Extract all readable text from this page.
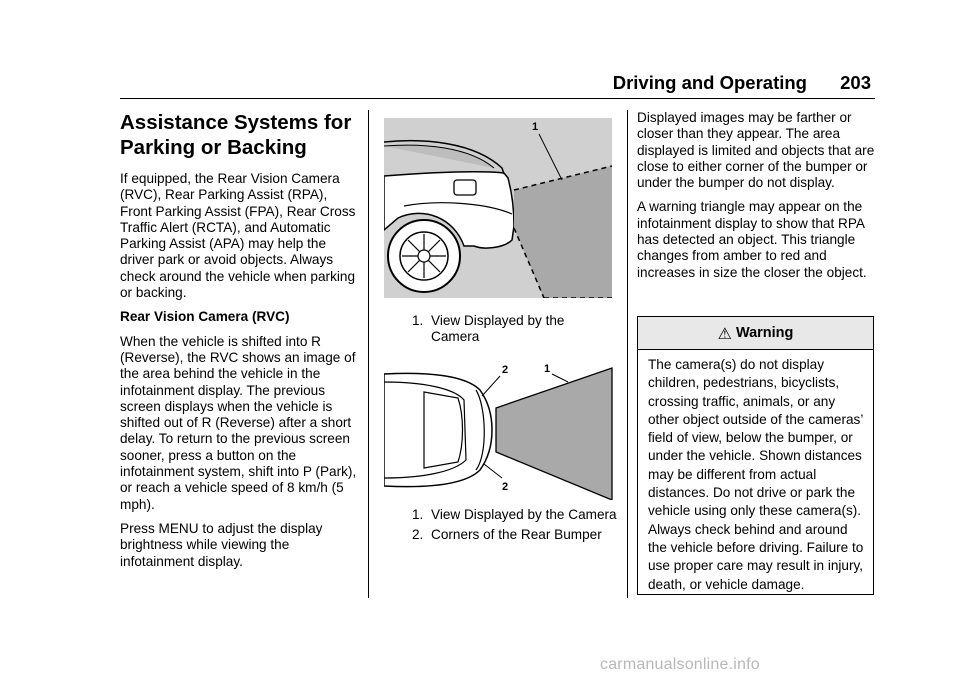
Driving and Operating 203
Assistance Systems for
Parking or Backing

If equipped, the Rear Vision Camera (RVC), Rear Parking Assist (RPA), Front Parking Assist (FPA), Rear Cross Traffic Alert (RCTA), and Automatic Parking Assist (APA) may help the driver park or avoid objects. Always check around the vehicle when parking or backing.

Rear Vision Camera (RVC)

When the vehicle is shifted into R (Reverse), the RVC shows an image of the area behind the vehicle in the infotainment display. The previous screen displays when the vehicle is shifted out of R (Reverse) after a short delay. To return to the previous screen sooner, press a button on the infotainment system, shift into P (Park), or reach a vehicle speed of 8 km/h (5 mph).

Press MENU to adjust the display brightness while viewing the infotainment display.

1
1. View Displayed by the Camera
1
2
2
1. View Displayed by the Camera
2. Corners of the Rear Bumper

Displayed images may be farther or closer than they appear. The area displayed is limited and objects that are close to either corner of the bumper or under the bumper do not display.

A warning triangle may appear on the infotainment display to show that RPA has detected an object. This triangle changes from amber to red and increases in size the closer the object.

⚠ Warning
The camera(s) do not display children, pedestrians, bicyclists, crossing traffic, animals, or any other object outside of the cameras’ field of view, below the bumper, or under the vehicle. Shown distances may be different from actual distances. Do not drive or park the vehicle using only these camera(s). Always check behind and around the vehicle before driving. Failure to use proper care may result in injury, death, or vehicle damage.
carmanualsonline.info
